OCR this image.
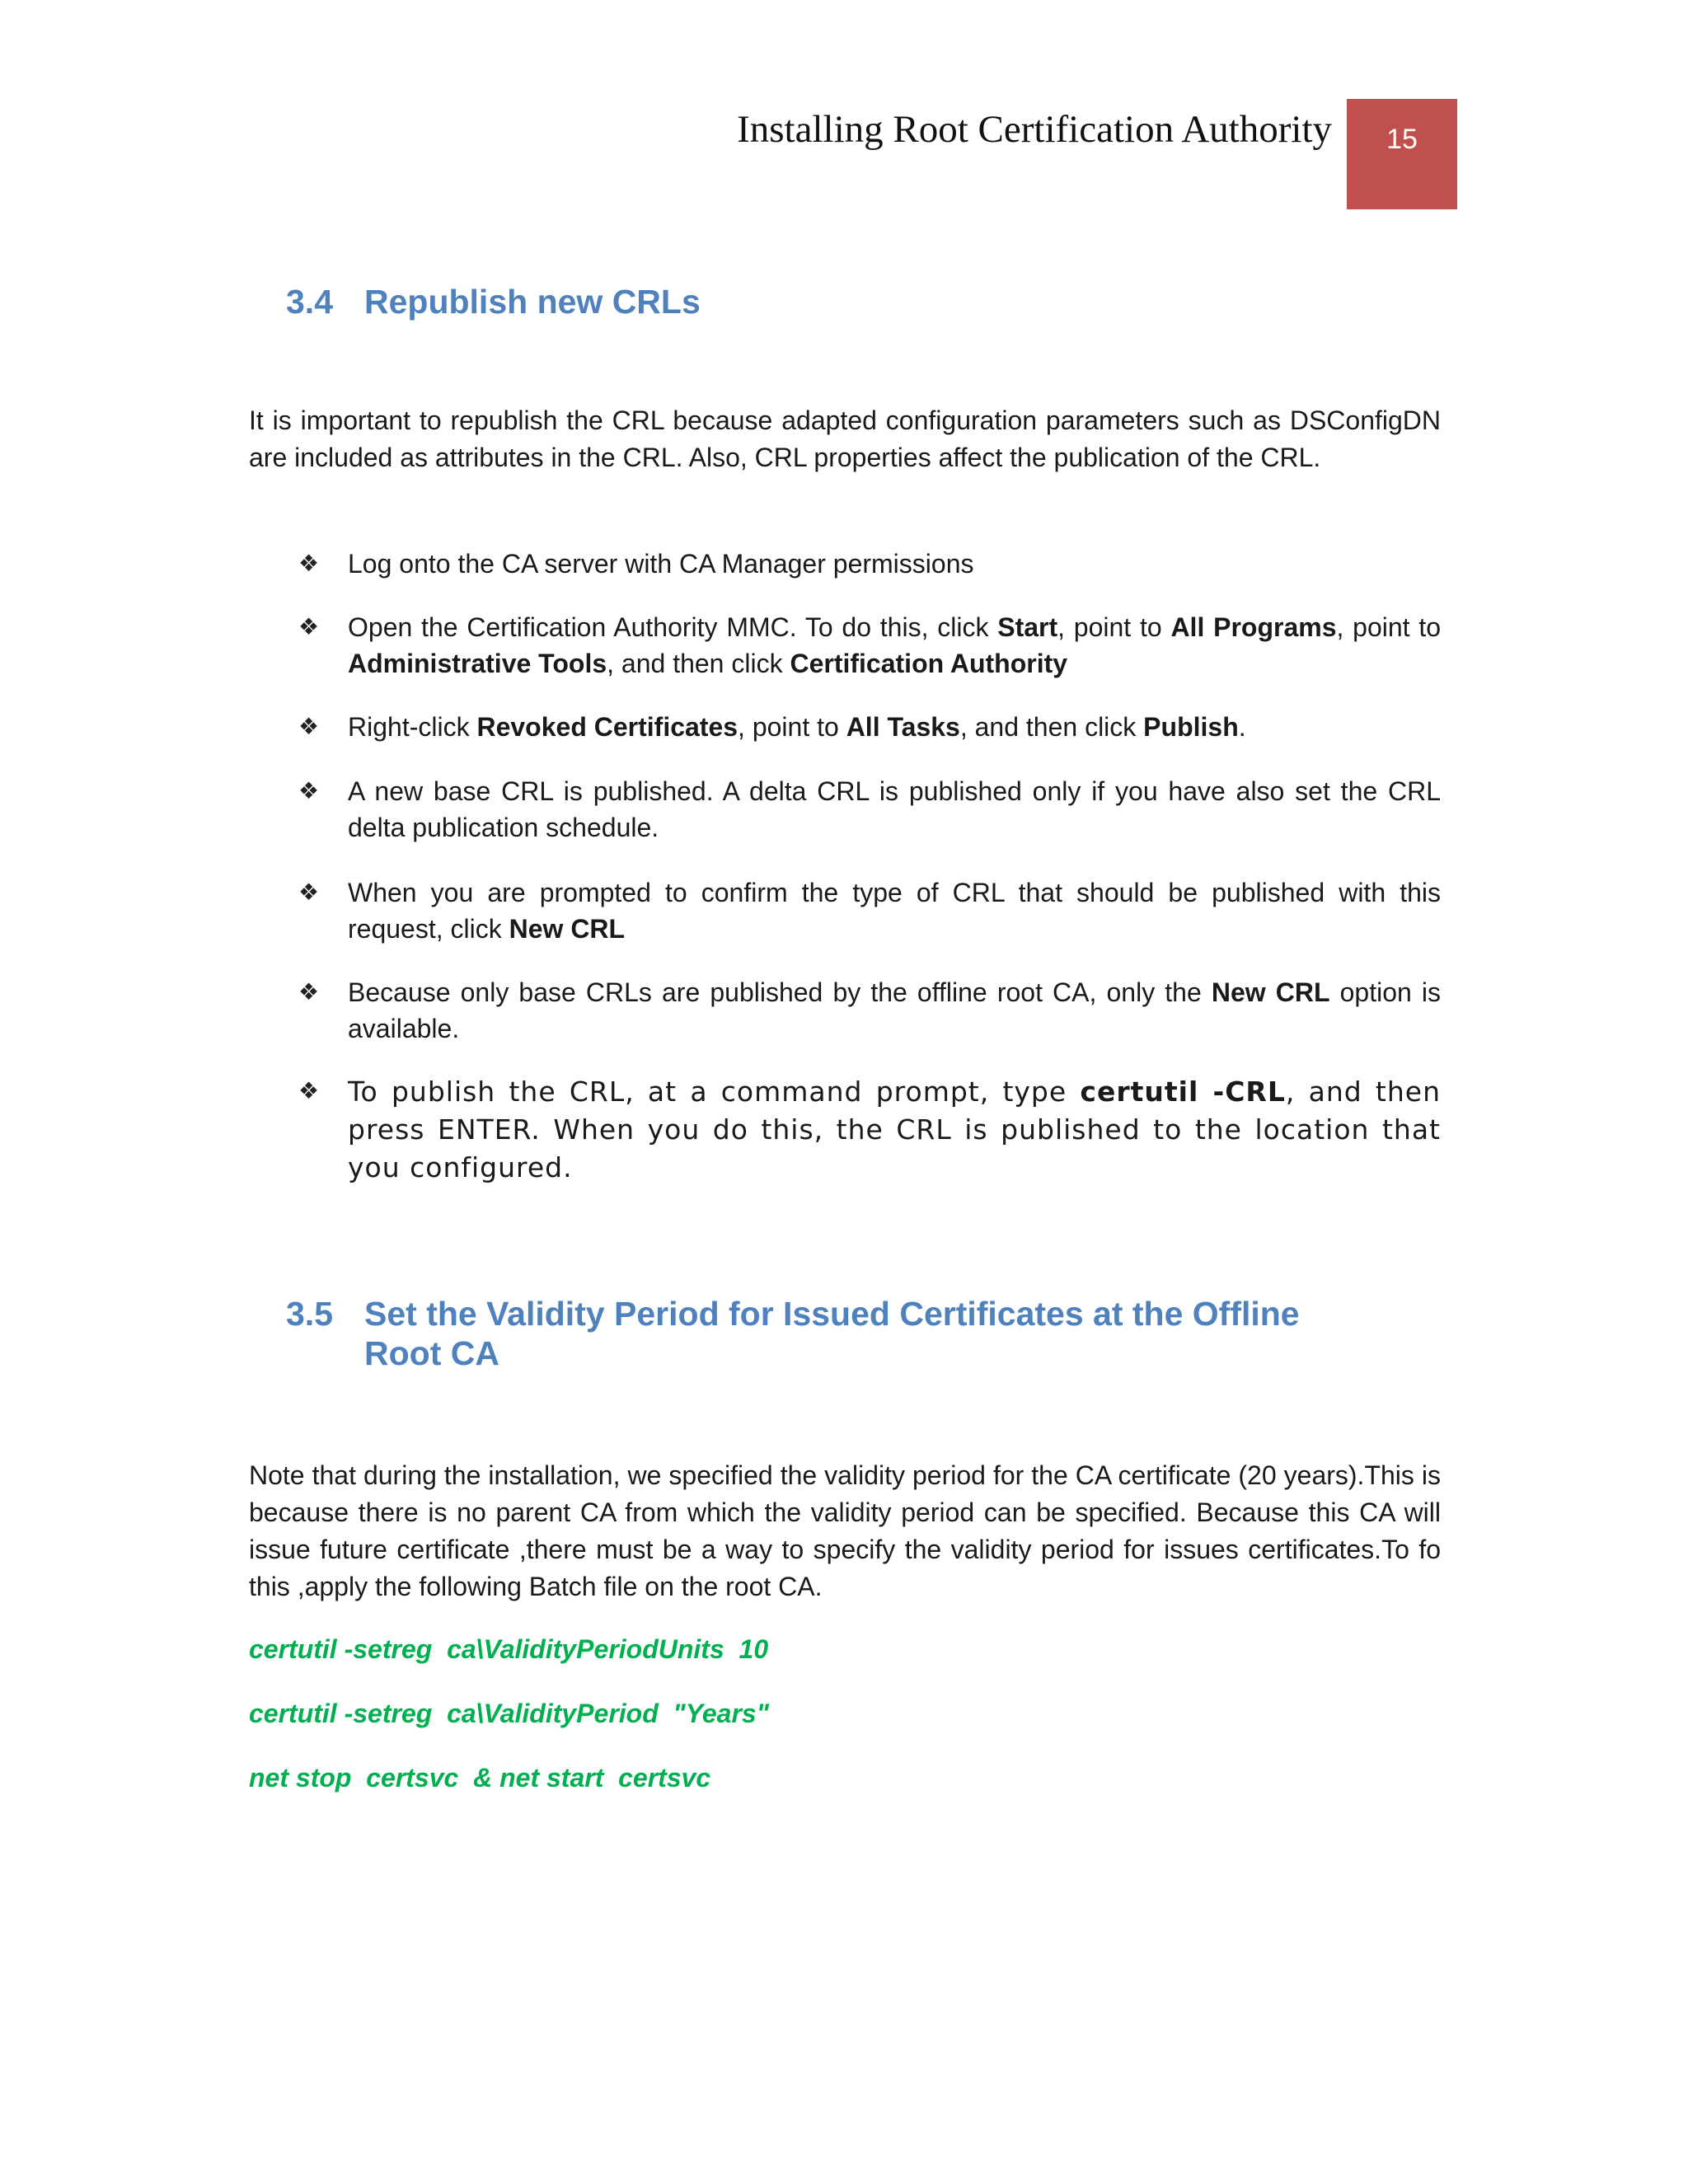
Installing Root Certification Authority	15
3.4 Republish new CRLs

It is important to republish the CRL because adapted configuration parameters such as DSConfigDN are included as attributes in the CRL. Also, CRL properties affect the publication of the CRL.

❖ Log onto the CA server with CA Manager permissions
❖ Open the Certification Authority MMC. To do this, click Start, point to All Programs, point to Administrative Tools, and then click Certification Authority
❖ Right-click Revoked Certificates, point to All Tasks, and then click Publish.
❖ A new base CRL is published. A delta CRL is published only if you have also set the CRL delta publication schedule.
❖ When you are prompted to confirm the type of CRL that should be published with this request, click New CRL
❖ Because only base CRLs are published by the offline root CA, only the New CRL option is available.
❖ To publish the CRL, at a command prompt, type certutil -CRL, and then press ENTER. When you do this, the CRL is published to the location that you configured.
3.5 Set the Validity Period for Issued Certificates at the Offline Root CA

Note that during the installation, we specified the validity period for the CA certificate (20 years).This is because there is no parent CA from which the validity period can be specified. Because this CA will issue future certificate ,there must be a way to specify the validity period for issues certificates.To fo this ,apply the following Batch file on the root CA.

certutil -setreg  ca\ValidityPeriodUnits  10
certutil -setreg  ca\ValidityPeriod  "Years"
net stop  certsvc  & net start  certsvc
